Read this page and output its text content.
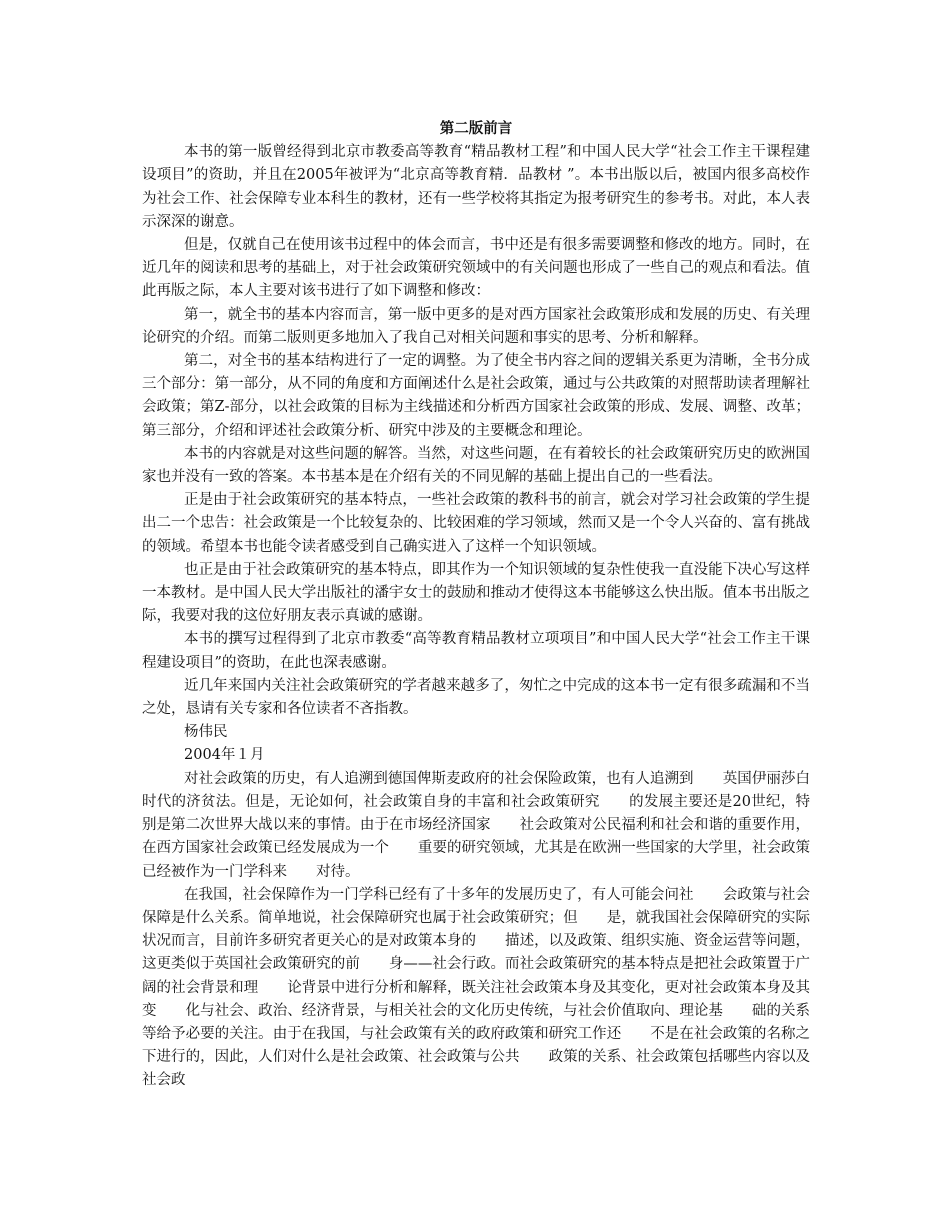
第二版前言

本书的第一版曾经得到北京市教委高等教育“精品教材工程”和中国人民大学“社会工作主干课程建设项目”的资助，并且在2005年被评为“北京高等教育精．品教材 ”。本书出版以后，被国内很多高校作为社会工作、社会保障专业本科生的教材，还有一些学校将其指定为报考研究生的参考书。对此，本人表示深深的谢意。

但是，仅就自己在使用该书过程中的体会而言，书中还是有很多需要调整和修改的地方。同时，在近几年的阅读和思考的基础上，对于社会政策研究领域中的有关问题也形成了一些自己的观点和看法。值此再版之际，本人主要对该书进行了如下调整和修改：

第一，就全书的基本内容而言，第一版中更多的是对西方国家社会政策形成和发展的历史、有关理论研究的介绍。而第二版则更多地加入了我自己对相关问题和事实的思考、分析和解释。

第二，对全书的基本结构进行了一定的调整。为了使全书内容之间的逻辑关系更为清晰，全书分成三个部分：第一部分，从不同的角度和方面阐述什么是社会政策，通过与公共政策的对照帮助读者理解社会政策；第Z-部分，以社会政策的目标为主线描述和分析西方国家社会政策的形成、发展、调整、改革；第三部分，介绍和评述社会政策分析、研究中涉及的主要概念和理论。

本书的内容就是对这些问题的解答。当然，对这些问题，在有着较长的社会政策研究历史的欧洲国家也并没有一致的答案。本书基本是在介绍有关的不同见解的基础上提出自己的一些看法。

正是由于社会政策研究的基本特点，一些社会政策的教科书的前言，就会对学习社会政策的学生提出二一个忠告：社会政策是一个比较复杂的、比较困难的学习领域，然而又是一个令人兴奋的、富有挑战的领域。希望本书也能令读者感受到自己确实进入了这样一个知识领域。

也正是由于社会政策研究的基本特点，即其作为一个知识领域的复杂性使我一直没能下决心写这样一本教材。是中国人民大学出版社的潘宇女士的鼓励和推动才使得这本书能够这么快出版。值本书出版之际，我要对我的这位好朋友表示真诚的感谢。

本书的撰写过程得到了北京市教委“高等教育精品教材立项项目”和中国人民大学“社会工作主干课程建设项目”的资助，在此也深表感谢。

近几年来国内关注社会政策研究的学者越来越多了，匆忙之中完成的这本书一定有很多疏漏和不当之处，恳请有关专家和各位读者不吝指教。

杨伟民

2004年１月

对社会政策的历史，有人追溯到德国俾斯麦政府的社会保险政策，也有人追溯到　　英国伊丽莎白时代的济贫法。但是，无论如何，社会政策自身的丰富和社会政策研究　　的发展主要还是20世纪，特别是第二次世界大战以来的事情。由于在市场经济国家　　社会政策对公民福利和社会和谐的重要作用，在西方国家社会政策已经发展成为一个　　重要的研究领域，尤其是在欧洲一些国家的大学里，社会政策已经被作为一门学科来　　对待。

在我国，社会保障作为一门学科已经有了十多年的发展历史了，有人可能会问社　　会政策与社会保障是什么关系。简单地说，社会保障研究也属于社会政策研究；但　　是，就我国社会保障研究的实际状况而言，目前许多研究者更关心的是对政策本身的　　描述，以及政策、组织实施、资金运营等问题，这更类似于英国社会政策研究的前　　身——社会行政。而社会政策研究的基本特点是把社会政策置于广阔的社会背景和理　　论背景中进行分析和解释，既关注社会政策本身及其变化，更对社会政策本身及其变　　化与社会、政治、经济背景，与相关社会的文化历史传统，与社会价值取向、理论基　　础的关系等给予必要的关注。由于在我国，与社会政策有关的政府政策和研究工作还　　不是在社会政策的名称之下进行的，因此，人们对什么是社会政策、社会政策与公共　　政策的关系、社会政策包括哪些内容以及社会政
